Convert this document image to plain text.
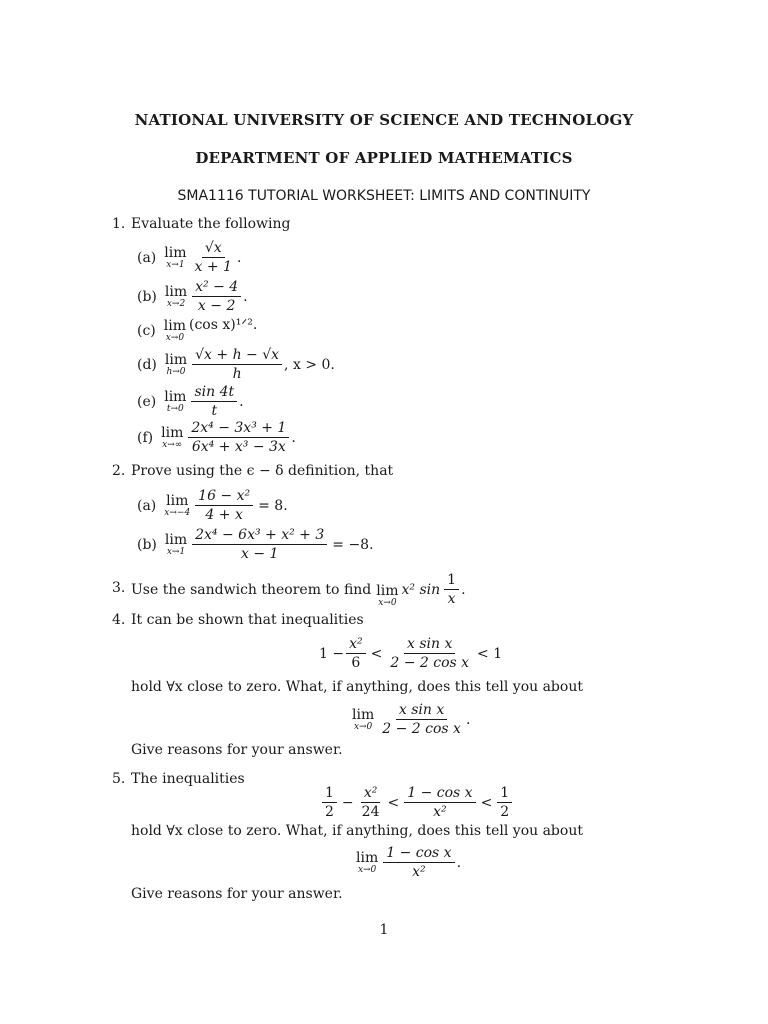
NATIONAL UNIVERSITY OF SCIENCE AND TECHNOLOGY
DEPARTMENT OF APPLIED MATHEMATICS
SMA1116 TUTORIAL WORKSHEET: LIMITS AND CONTINUITY
1. Evaluate the following
(a) lim
$x\to 1 \frac{√x}{x + 1}$ .
(b) lim
$x\to 2 \frac{\text{x² − 4}}{x - 2}$ .
(c) lim
x→0
(cos x)¹ᐟ².
(d) lim
$h\to 0 \frac{√x + h - √x}{h}$ , x > 0.
(e) lim
$t\to 0 \frac{\sin 4t}{t}$ .
(f) lim
$x\to\infty \frac{\text{2x⁴ − 3x³ + 1}}{\text{6x⁴ + x³ − 3x}}$ .
2. Prove using the ϵ − δ definition, that
(a) lim
$x\to-4 \frac{\text{16 − x²}}{4 + x} = 8$.
(b) lim
$x\to 1 \frac{\text{2x⁴ − 6x³ + x² + 3}}{x - 1} = -8$.
3. Use the sandwich theorem to find lim
x→0
x² $\sin \frac{1}{x}$ .
4. It can be shown that inequalities
$1 - \frac{\text{x²}}{6} < \frac{\text{x sin x}}{\text{2 − 2 cos x}} < 1$
hold ∀x close to zero. What, if anything, does this tell you about
lim
$x\to 0 \frac{\text{x sin x}}{\text{2 − 2 cos x}}$ .
Give reasons for your answer.
5. The inequalities
$\frac{1}{2} - \frac{\text{x²}}{24} < \frac{\text{1 − cos x}}{\text{x²}} < \frac{1}{2}$
hold ∀x close to zero. What, if anything, does this tell you about
lim
$x\to 0 \frac{\text{1 − cos x}}{\text{x²}}$ .
Give reasons for your answer.
1
